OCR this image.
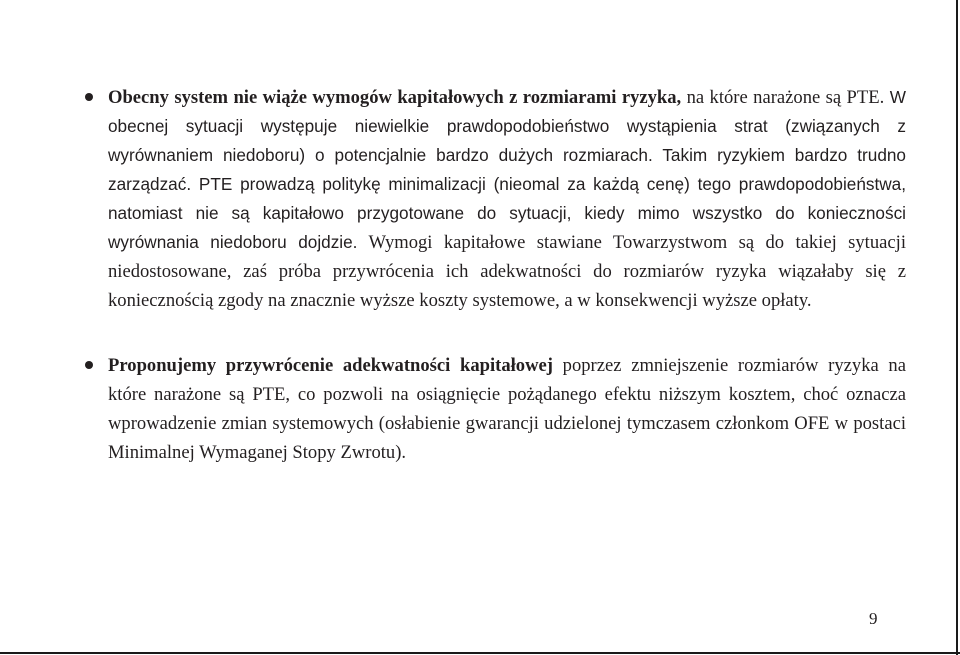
Obecny system nie wiąże wymogów kapitałowych z rozmiarami ryzyka, na które narażone są PTE. W obecnej sytuacji występuje niewielkie prawdopodobieństwo wystąpienia strat (związanych z wyrównaniem niedoboru) o potencjalnie bardzo dużych rozmiarach. Takim ryzykiem bardzo trudno zarządzać. PTE prowadzą politykę minimalizacji (nieomal za każdą cenę) tego prawdopodobieństwa, natomiast nie są kapitałowo przygotowane do sytuacji, kiedy mimo wszystko do konieczności wyrównania niedoboru dojdzie. Wymogi kapitałowe stawiane Towarzystwom są do takiej sytuacji niedostosowane, zaś próba przywrócenia ich adekwatności do rozmiarów ryzyka wiązałaby się z koniecznością zgody na znacznie wyższe koszty systemowe, a w konsekwencji wyższe opłaty.
Proponujemy przywrócenie adekwatności kapitałowej poprzez zmniejszenie rozmiarów ryzyka na które narażone są PTE, co pozwoli na osiągnięcie pożądanego efektu niższym kosztem, choć oznacza wprowadzenie zmian systemowych (osłabienie gwarancji udzielonej tymczasem członkom OFE w postaci Minimalnej Wymaganej Stopy Zwrotu).
9
